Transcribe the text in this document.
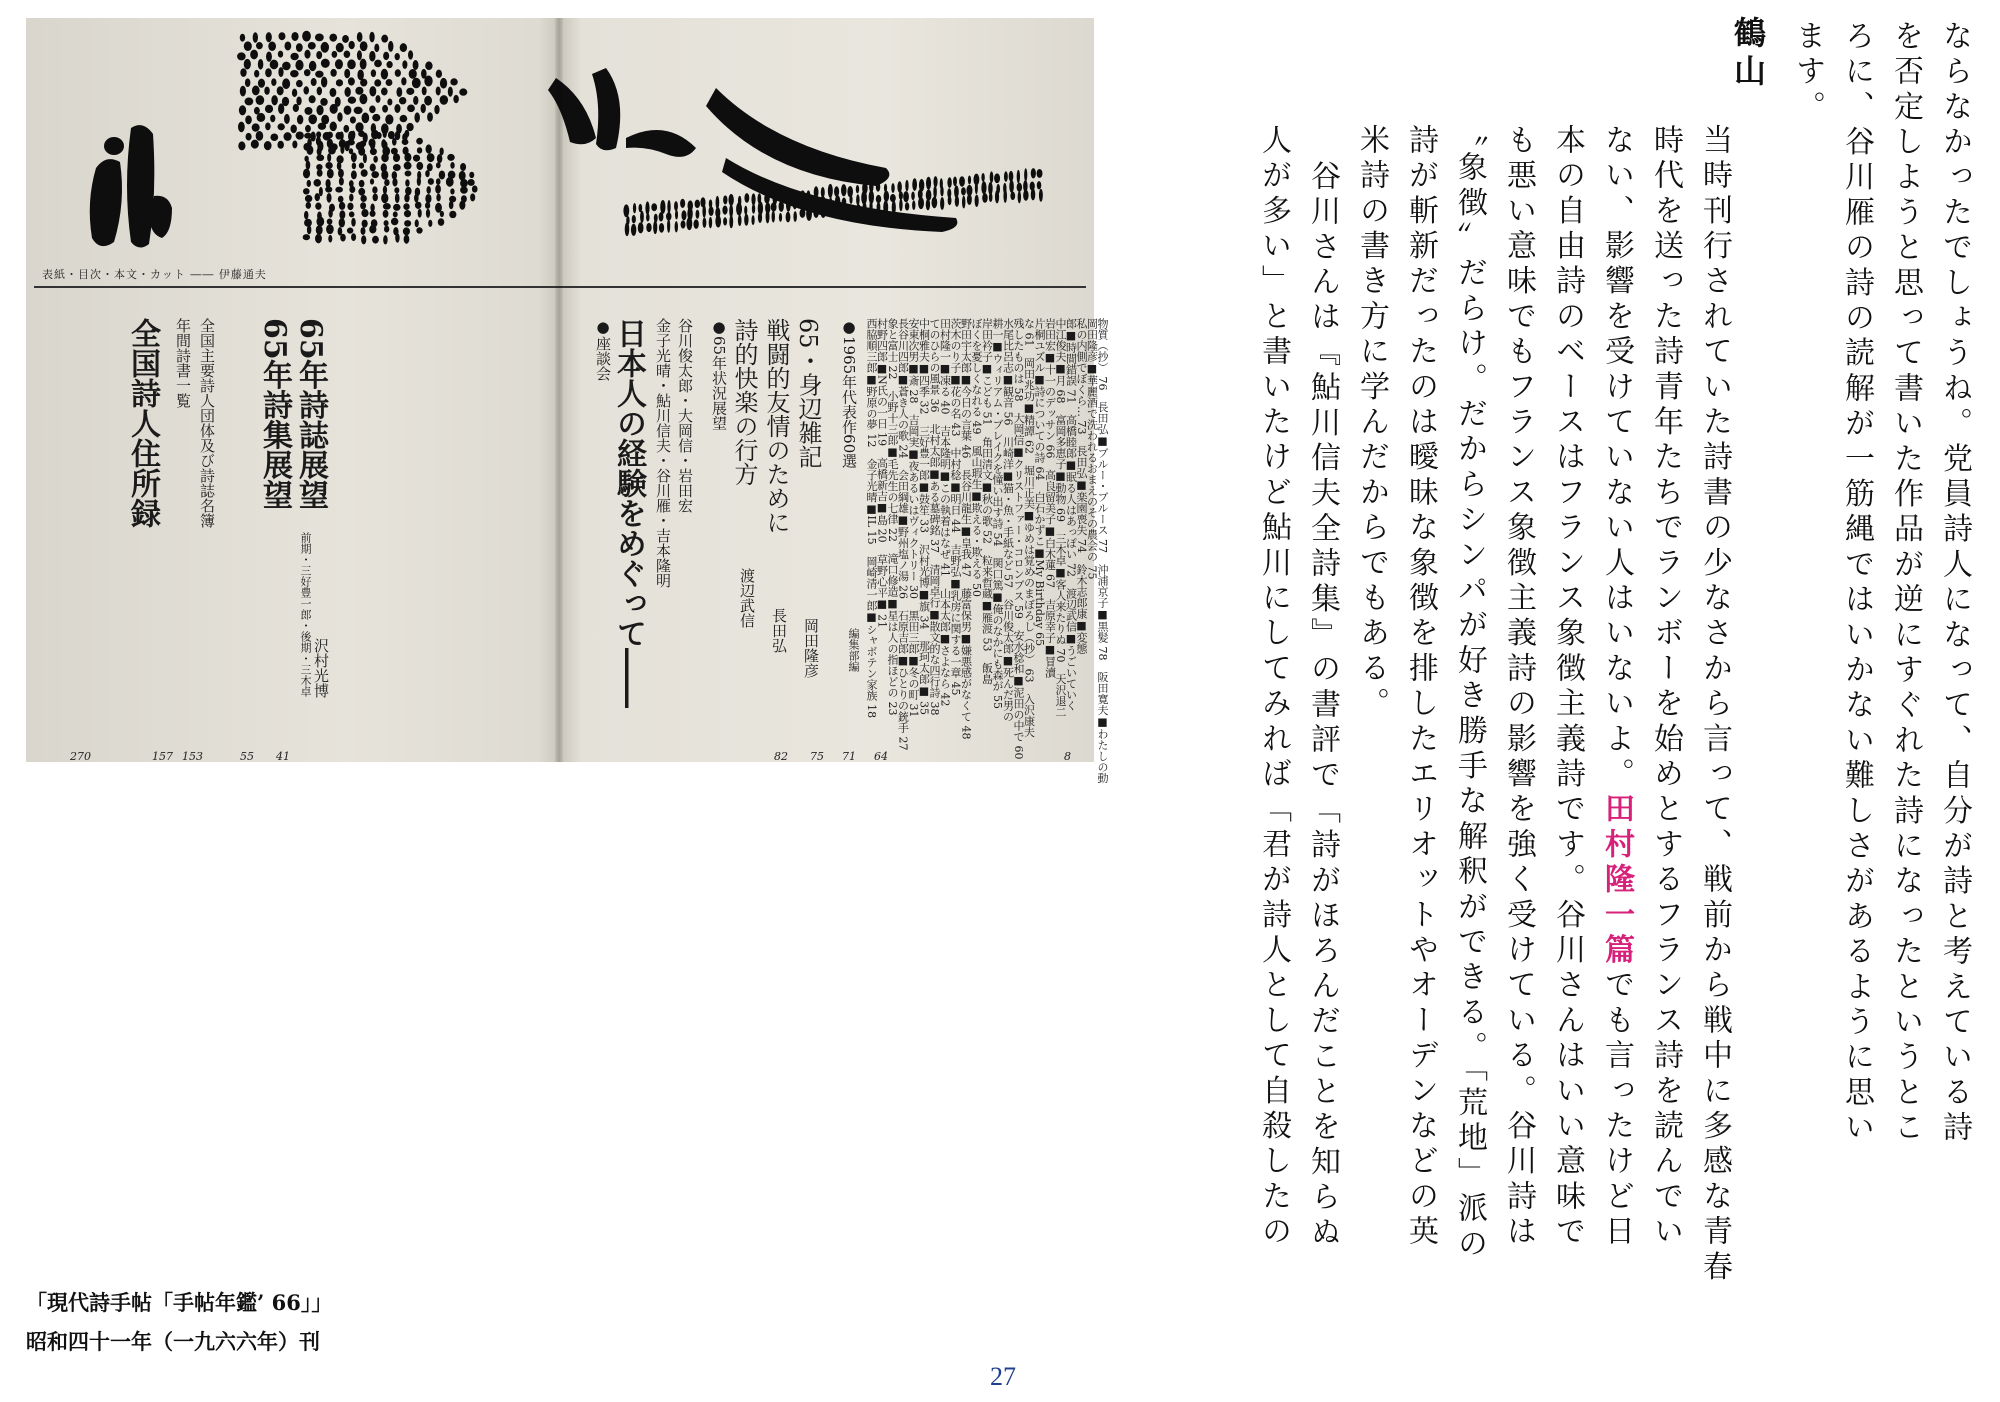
表紙・目次・本文・カット ―― 伊藤通夫
●座談会 日本人の経験をめぐって―― 金子光晴・鮎川信夫・谷川雁・吉本隆明 谷川俊太郎・大岡信・岩田宏 ●65年状況展望 詩的快楽の行方 戦闘的友情のために 65・身辺雑記
渡辺武信
長田弘 岡田隆彦
●1965年代表作60選
編集部編 西脇順三郎■野原の夢 12　金子光晴■IL 15　岡崎清一郎■シャボテン家族 18
村野四郎■N氏の一日 19　高橋新吉■島 20　草野心平■ 21
象と富士 22　小野十三郎■毛先生の七律 22　滝口修造■星は人の指ほどの 23
長谷川四郎■蒼き人の歌 24　会田綱雄■野州塩ノ湯 26　石原吉郎■ひとりの銃手 27
安東次男■斎 28　吉岡実■夜あるいはヴィクトリー 30　黒田三郎■冬の町 31
中桐雅夫■四季 32　三好豊一郎■鼓笙 33　沢村光博■旗 34　那珂太郎■ 35
てのひらの風景 36　北村太郎■ある墓碑銘 37　清岡卓行■散文的な四行詩 38
田村隆一■凍る 40　吉本隆明■この執着はなぜ 41　山本太郎■さよなら 42
茨木のり子■花の名 43　中村稔■明日 44　吉野弘■乳房に関する一章 45
野田宇太郎■今日の言葉 46　長谷川龍生■皇我 47　藤富保男■嫌悪感がなくて 48
ぼくを憂しくなれる 49　風山瑕生■欺える・欺える 50
岸田衿子■こども 51　角田清文■秋の歌 52　粒来哲蔵■雁渡 53　飯島
耕一■ウィリアム・ブレイクを憧い出す詩 54　関口篤■俺のなかにも森が 55
水尾比呂志■観音 56　川崎洋■猫・魚・手紙など 57　谷川俊太郎■死んだ男の
残したものは 58　大岡信■クリストファー・コロンブス 59　安水稔和■泥田の中で 60
な 61　岡田兆功■精譚 62　堀川正美■ゆめは覚めのまぼろし（抄） 63　入沢康夫
片桐ユズル■詩についての詩 64　白石かずこ■My Birthday 65
岩田宏■十一のデッサン 66　高良留美子■白木蓮 67　吉原幸子■冒瀆
中江俊夫■月 68　富岡多恵子■動物 69　三木卓■客人来たりぬ 70　天沢退二
郎■時間錯誤 71　高橋睦郎■眠る人はあっぽい 72　渡辺武信■うごいていく
私の内側でぼくら… 73　長田弘■楽園喪失 74　鈴木志郎康■変態
岡田隆彦■華麗酒で洗われるおまえのその農会の 75
物質（抄） 76　長田弘■ブルー・ブルース 77　沖浦京子■黒髪 78　阪田寛夫■わたしの動
8
64
71
75
82
65年詩集展望
前期・三好豊一郎・後期・三木卓
65年詩誌展望
沢村光博
年間詩書一覧 全国主要詩人団体及び詩誌名簿
全国詩人住所録
41
55
153
157
270
「現代詩手帖「手帖年鑑’ 66」」
昭和四十一年（一九六六年）刊
27
ならなかったでしょうね。党員詩人になって、自分が詩と考えている詩
を否定しようと思って書いた作品が逆にすぐれた詩になったというとこ
ろに、谷川雁の詩の読解が一筋縄ではいかない難しさがあるように思い
ます。
鶴山
当時刊行されていた詩書の少なさから言って、戦前から戦中に多感な青春
時代を送った詩青年たちでランボーを始めとするフランス詩を読んでい
ない、影響を受けていない人はいないよ。田村隆一篇でも言ったけど日
本の自由詩のベースはフランス象徴主義詩です。谷川さんはいい意味で
も悪い意味でもフランス象徴主義詩の影響を強く受けている。谷川詩は
〝象徴〟だらけ。だからシンパが好き勝手な解釈ができる。「荒地」派の
詩が斬新だったのは曖昧な象徴を排したエリオットやオーデンなどの英
米詩の書き方に学んだからでもある。
谷川さんは『鮎川信夫全詩集』の書評で「詩がほろんだことを知らぬ
人が多い」と書いたけど鮎川にしてみれば「君が詩人として自殺したの
